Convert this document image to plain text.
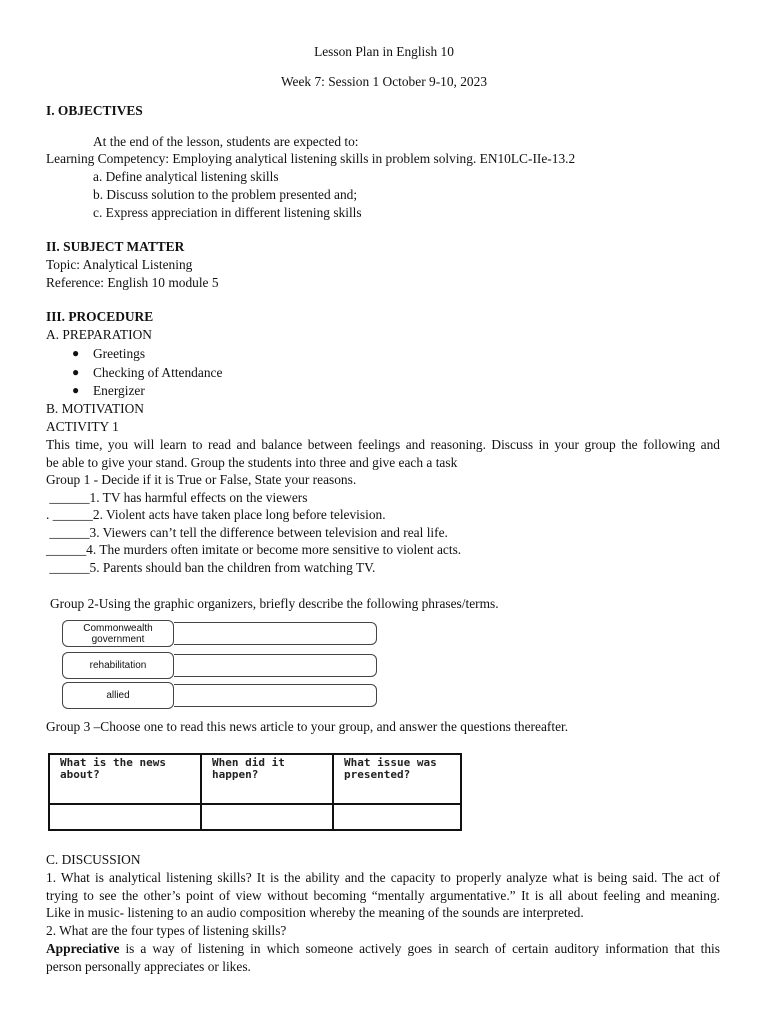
Lesson Plan in English 10
Week 7: Session 1 October 9-10, 2023
I. OBJECTIVES
At the end of the lesson, students are expected to:
Learning Competency: Employing analytical listening skills in problem solving. EN10LC-IIe-13.2
a. Define analytical listening skills
b. Discuss solution to the problem presented and;
c. Express appreciation in different listening skills
II. SUBJECT MATTER
Topic: Analytical Listening
Reference: English 10 module 5
III. PROCEDURE
A. PREPARATION
● Greetings
● Checking of Attendance
● Energizer
B. MOTIVATION
ACTIVITY 1
This time, you will learn to read and balance between feelings and reasoning. Discuss in your group the following and
be able to give your stand. Group the students into three and give each a task
Group 1 - Decide if it is True or False, State your reasons.
______1. TV has harmful effects on the viewers
. ______2. Violent acts have taken place long before television.
______3. Viewers can’t tell the difference between television and real life.
______4. The murders often imitate or become more sensitive to violent acts.
______5. Parents should ban the children from watching TV.
Group 2-Using the graphic organizers, briefly describe the following phrases/terms.
Commonwealth government
rehabilitation
allied
Group 3 –Choose one to read this news article to your group, and answer the questions thereafter.
What is the news about?	When did it happen?	What issue was presented?

C. DISCUSSION
1. What is analytical listening skills? It is the ability and the capacity to properly analyze what is being said. The act of
trying to see the other’s point of view without becoming “mentally argumentative.” It is all about feeling and meaning.
Like in music- listening to an audio composition whereby the meaning of the sounds are interpreted.
2. What are the four types of listening skills?
Appreciative is a way of listening in which someone actively goes in search of certain auditory information that this
person personally appreciates or likes.
